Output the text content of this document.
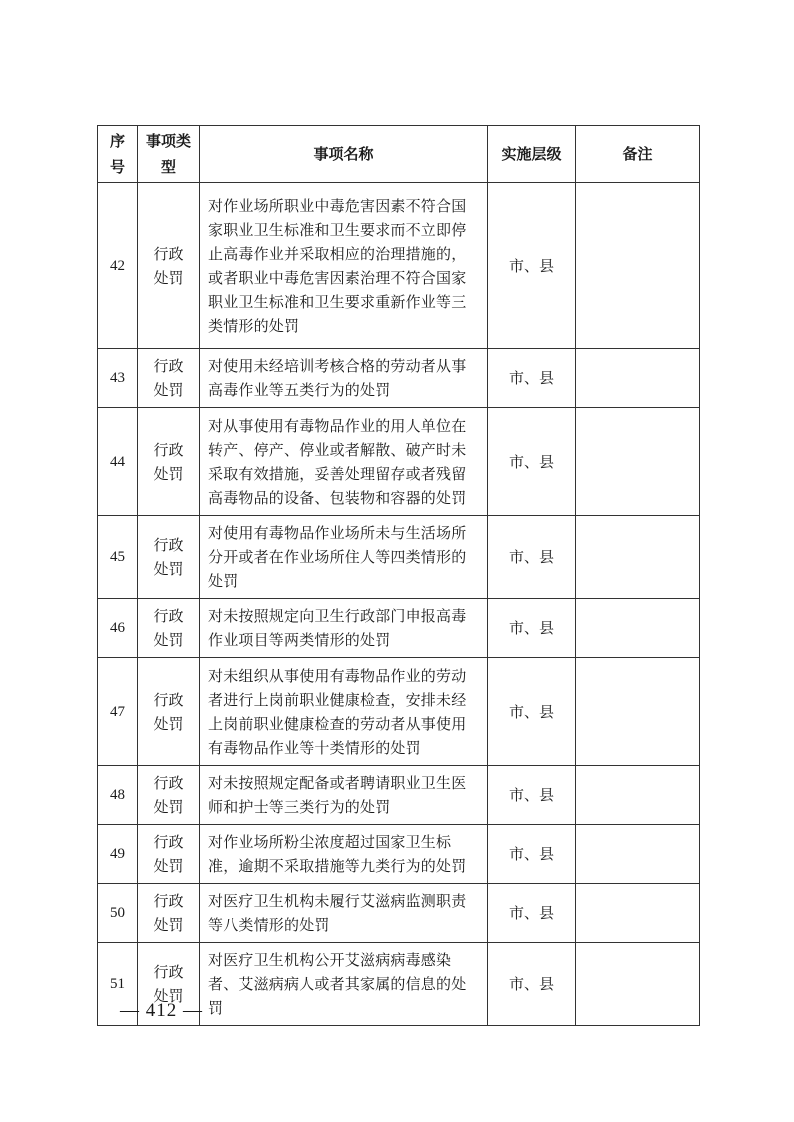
序号	事项类型	事项名称	实施层级	备注
42	行政处罚	对作业场所职业中毒危害因素不符合国家职业卫生标准和卫生要求而不立即停止高毒作业并采取相应的治理措施的，或者职业中毒危害因素治理不符合国家职业卫生标准和卫生要求重新作业等三类情形的处罚	市、县	
43	行政处罚	对使用未经培训考核合格的劳动者从事高毒作业等五类行为的处罚	市、县	
44	行政处罚	对从事使用有毒物品作业的用人单位在转产、停产、停业或者解散、破产时未采取有效措施，妥善处理留存或者残留高毒物品的设备、包装物和容器的处罚	市、县	
45	行政处罚	对使用有毒物品作业场所未与生活场所分开或者在作业场所住人等四类情形的处罚	市、县	
46	行政处罚	对未按照规定向卫生行政部门申报高毒作业项目等两类情形的处罚	市、县	
47	行政处罚	对未组织从事使用有毒物品作业的劳动者进行上岗前职业健康检查，安排未经上岗前职业健康检查的劳动者从事使用有毒物品作业等十类情形的处罚	市、县	
48	行政处罚	对未按照规定配备或者聘请职业卫生医师和护士等三类行为的处罚	市、县	
49	行政处罚	对作业场所粉尘浓度超过国家卫生标准，逾期不采取措施等九类行为的处罚	市、县	
50	行政处罚	对医疗卫生机构未履行艾滋病监测职责等八类情形的处罚	市、县	
51	行政处罚	对医疗卫生机构公开艾滋病病毒感染者、艾滋病病人或者其家属的信息的处罚	市、县	
— 412 —
